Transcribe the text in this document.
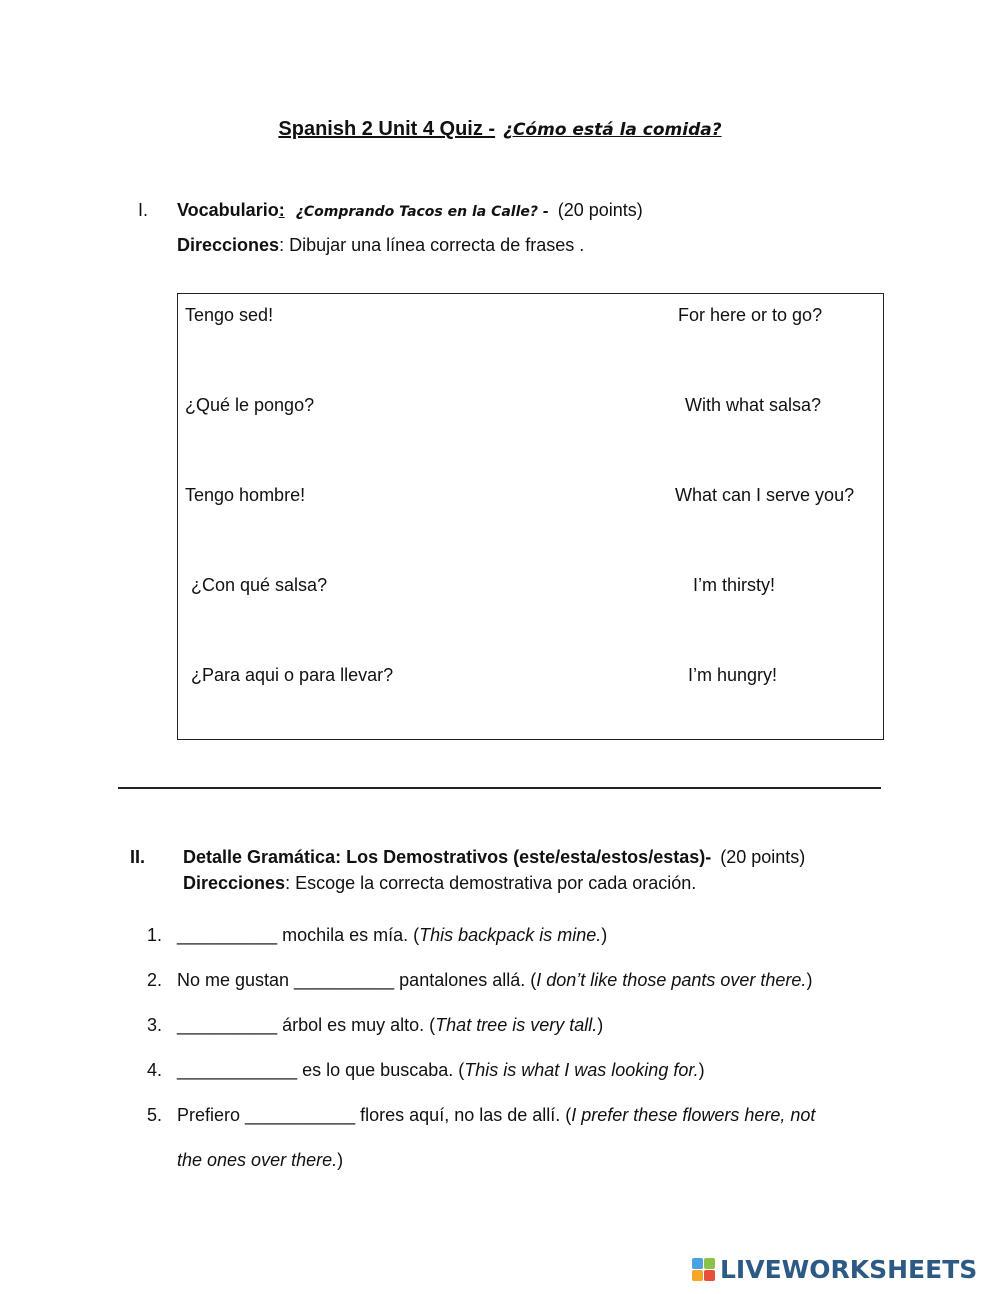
Spanish 2 Unit 4 Quiz - ¿Cómo está la comida?
I. Vocabulario: ¿Comprando Tacos en la Calle? - (20 points)
Direcciones: Dibujar una línea correcta de frases .
Tengo sed!
¿Qué le pongo?
Tengo hombre!
¿Con qué salsa?
¿Para aqui o para llevar?
For here or to go?
With what salsa?
What can I serve you?
I’m thirsty!
I’m hungry!
II. Detalle Gramática: Los Demostrativos (este/esta/estos/estas)- (20 points)
Direcciones: Escoge la correcta demostrativa por cada oración.
1. __________ mochila es mía. (This backpack is mine.)
2. No me gustan __________ pantalones allá. (I don’t like those pants over there.)
3. __________ árbol es muy alto. (That tree is very tall.)
4. ____________ es lo que buscaba. (This is what I was looking for.)
5. Prefiero ___________ flores aquí, no las de allí. (I prefer these flowers here, not
the ones over there.)
LIVEWORKSHEETS
